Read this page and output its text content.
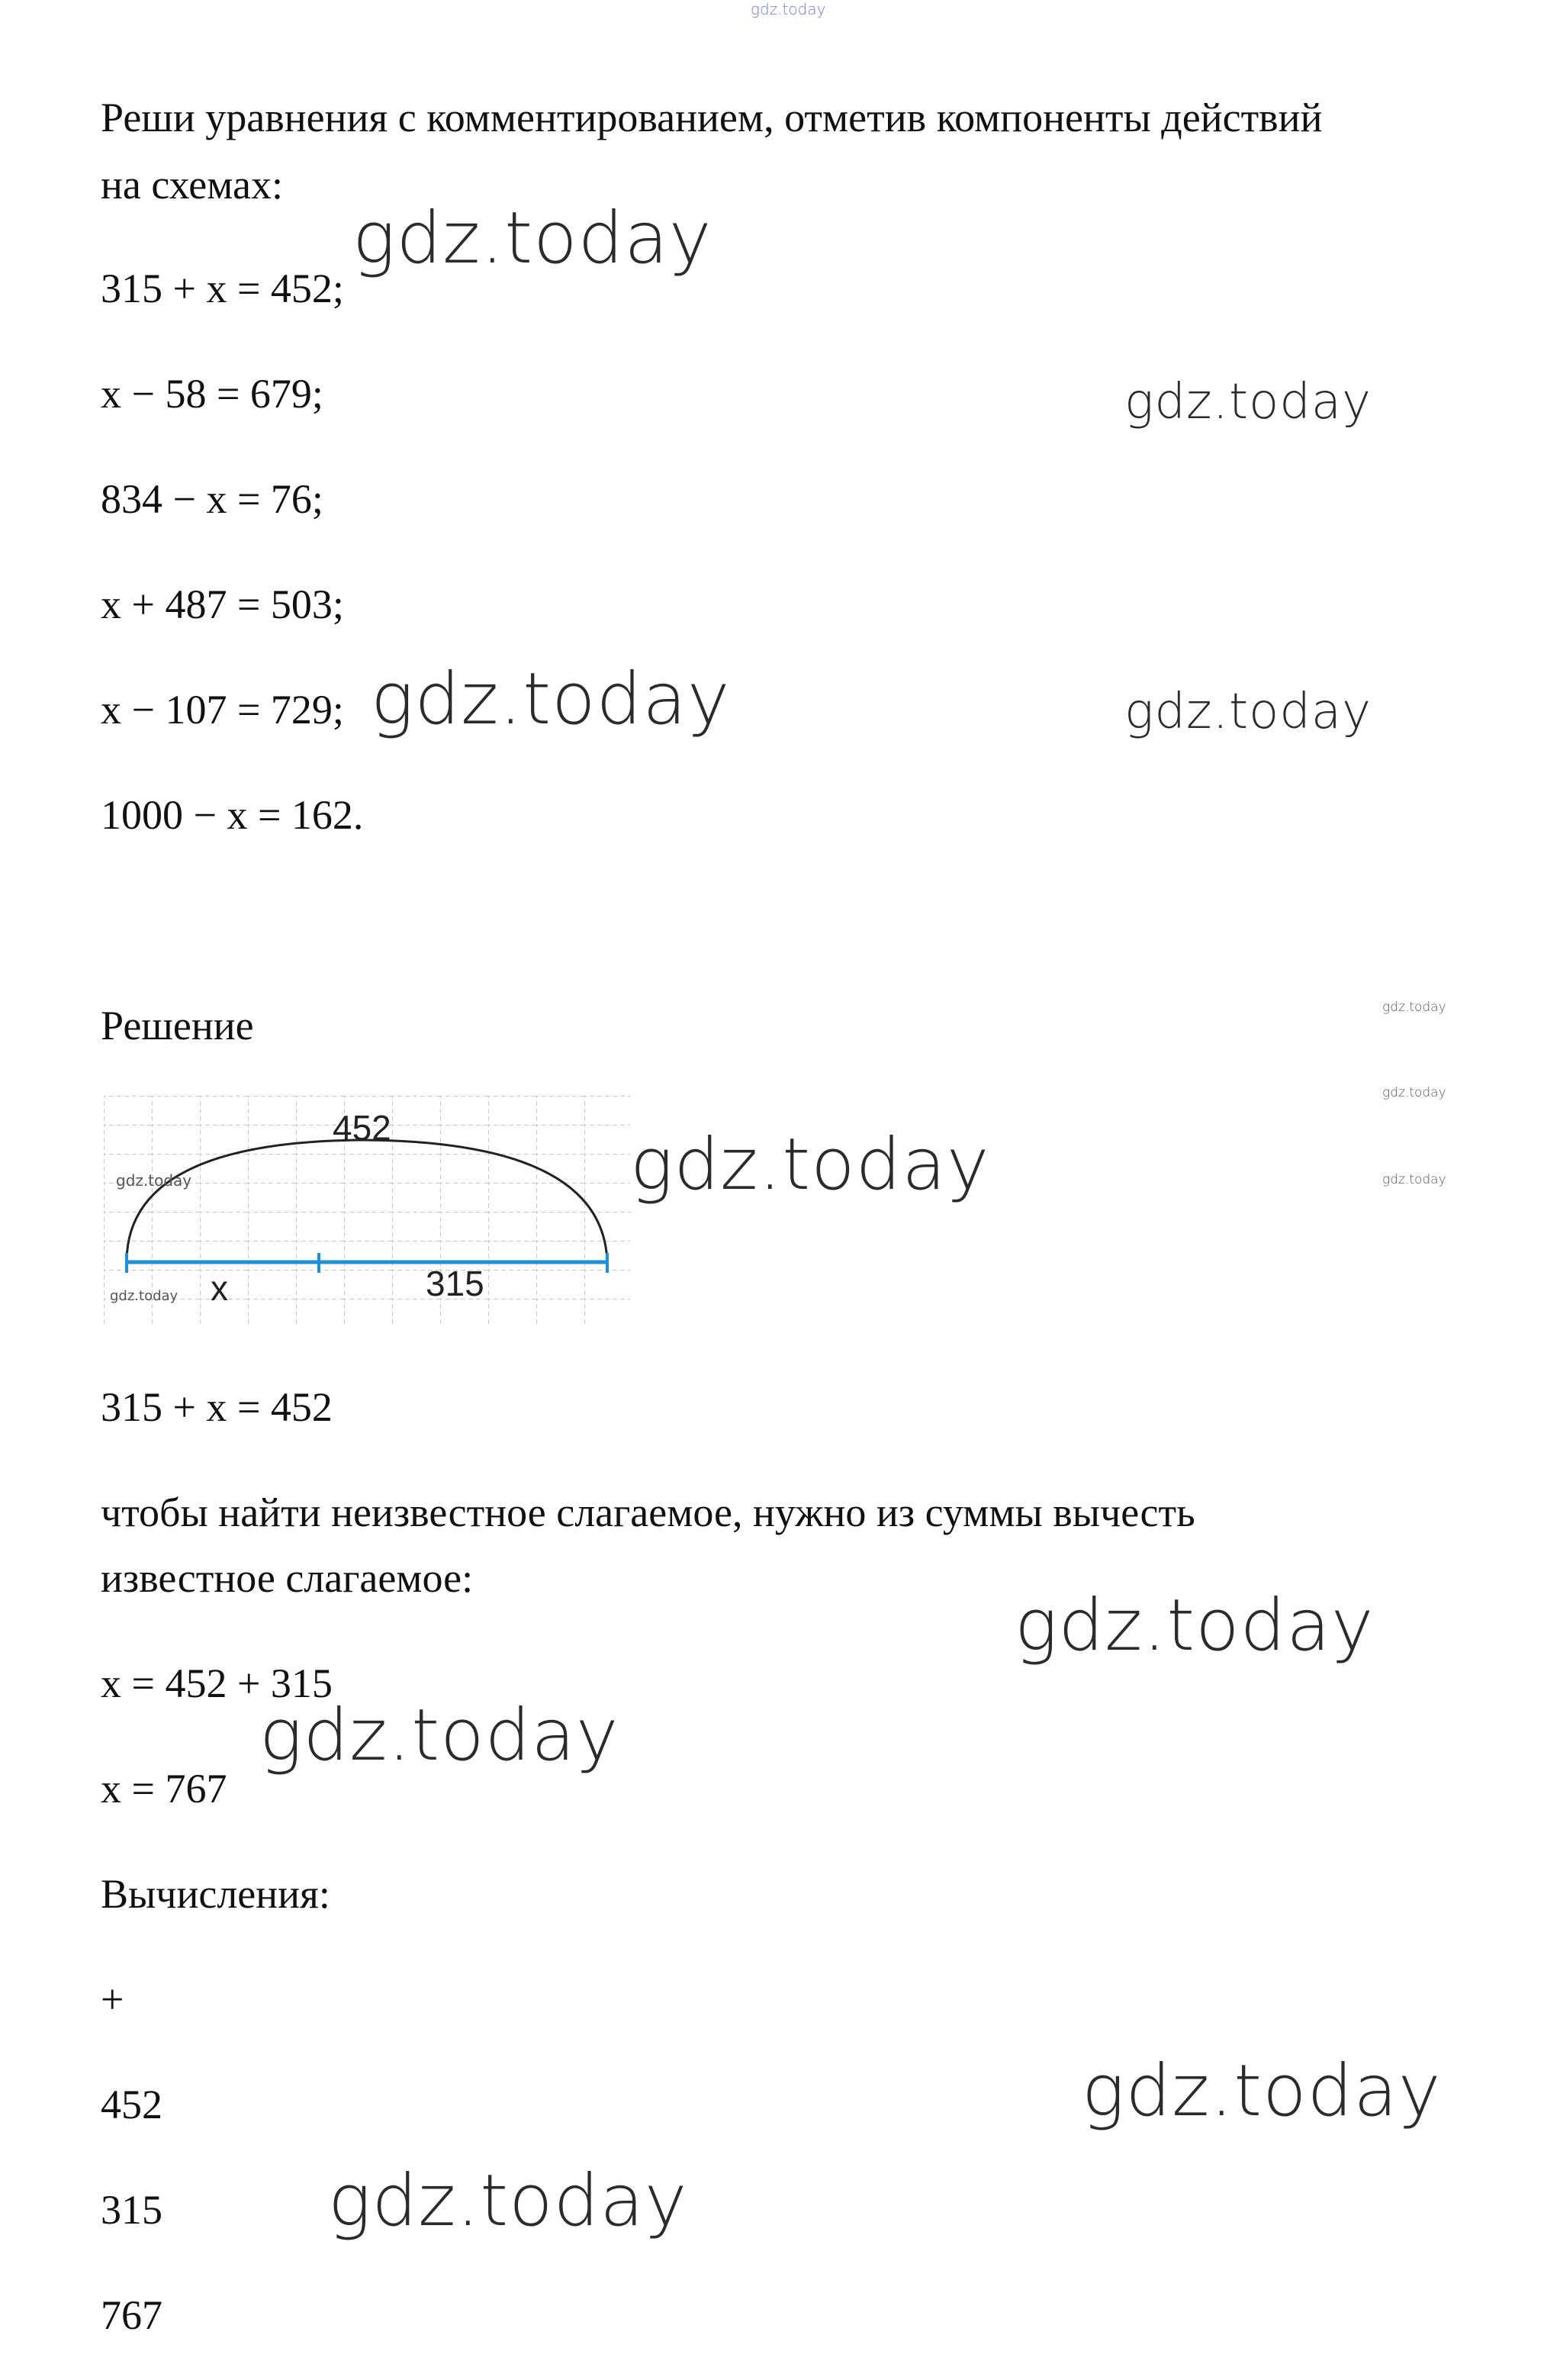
gdz.today
Реши уравнения с комментированием, отметив компоненты действий
на схемах:
315 + x = 452;
x − 58 = 679;
834 − x = 76;
x + 487 = 503;
x − 107 = 729;
1000 − x = 162.
Решение
452
x	315
gdz.today
gdz.today
315 + x = 452
чтобы найти неизвестное слагаемое, нужно из суммы вычесть
известное слагаемое:
x = 452 + 315
x = 767
Вычисления:
+
452
315
767
gdz.today
gdz.today
gdz.today	gdz.today
gdz.today
gdz.today
gdz.today
gdz.today
gdz.today
gdz.today
gdz.today
gdz.today
